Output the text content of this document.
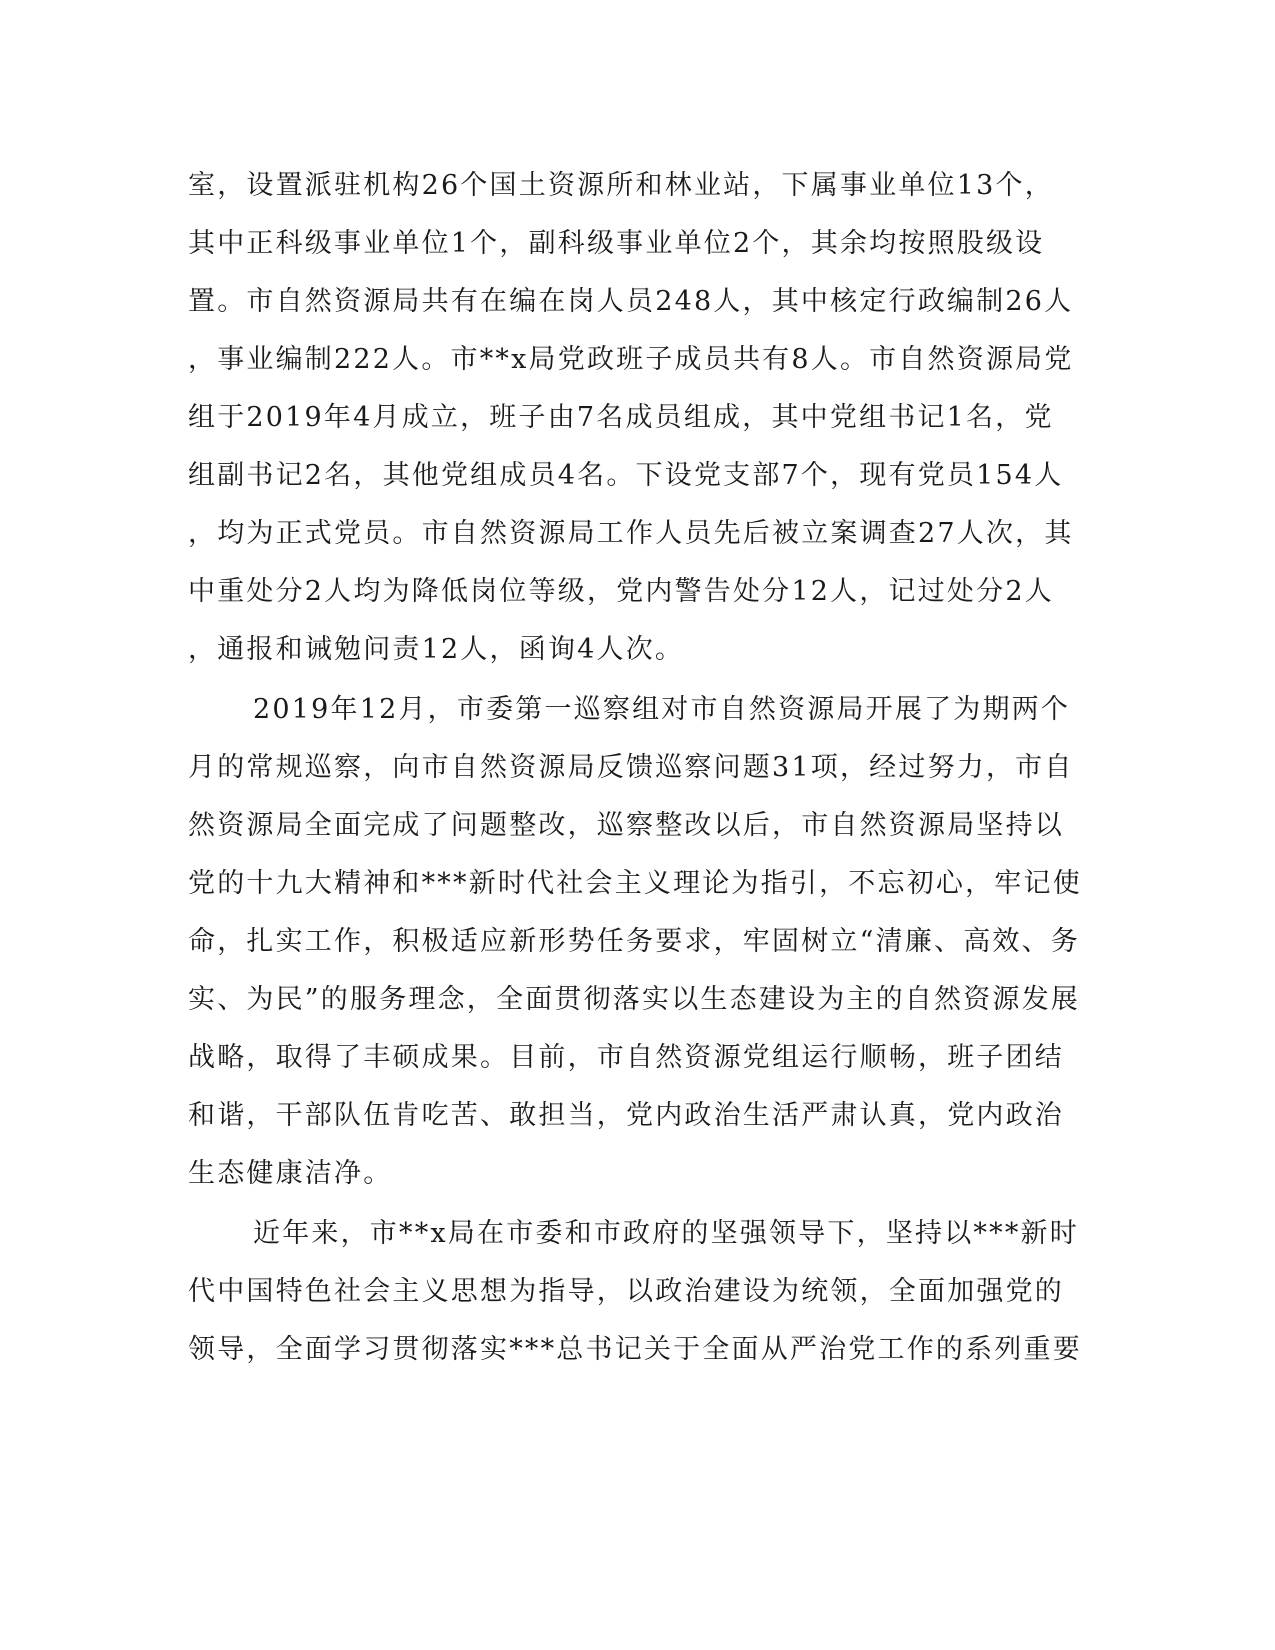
室，设置派驻机构26个国土资源所和林业站，下属事业单位13个，
其中正科级事业单位1个，副科级事业单位2个，其余均按照股级设
置。市自然资源局共有在编在岗人员248人，其中核定行政编制26人
，事业编制222人。市**x局党政班子成员共有8人。市自然资源局党
组于2019年4月成立，班子由7名成员组成，其中党组书记1名，党
组副书记2名，其他党组成员4名。下设党支部7个，现有党员154人
，均为正式党员。市自然资源局工作人员先后被立案调查27人次，其
中重处分2人均为降低岗位等级，党内警告处分12人，记过处分2人
，通报和诫勉问责12人，函询4人次。
2019年12月，市委第一巡察组对市自然资源局开展了为期两个
月的常规巡察，向市自然资源局反馈巡察问题31项，经过努力，市自
然资源局全面完成了问题整改，巡察整改以后，市自然资源局坚持以
党的十九大精神和***新时代社会主义理论为指引，不忘初心，牢记使
命，扎实工作，积极适应新形势任务要求，牢固树立“清廉、高效、务
实、为民”的服务理念，全面贯彻落实以生态建设为主的自然资源发展
战略，取得了丰硕成果。目前，市自然资源党组运行顺畅，班子团结
和谐，干部队伍肯吃苦、敢担当，党内政治生活严肃认真，党内政治
生态健康洁净。
近年来，市**x局在市委和市政府的坚强领导下，坚持以***新时
代中国特色社会主义思想为指导，以政治建设为统领，全面加强党的
领导，全面学习贯彻落实***总书记关于全面从严治党工作的系列重要
